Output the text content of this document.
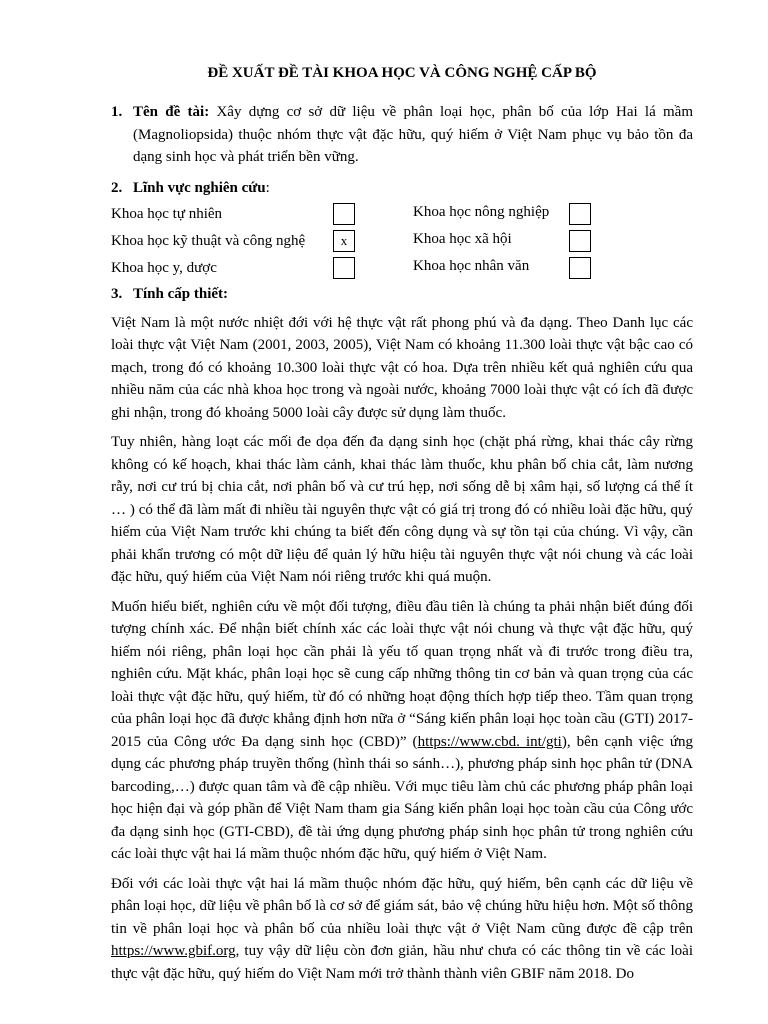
ĐỀ XUẤT ĐỀ TÀI KHOA HỌC VÀ CÔNG NGHỆ CẤP BỘ
1. Tên đề tài: Xây dựng cơ sở dữ liệu về phân loại học, phân bố của lớp Hai lá mầm (Magnoliopsida) thuộc nhóm thực vật đặc hữu, quý hiếm ở Việt Nam phục vụ bảo tồn đa dạng sinh học và phát triển bền vững.
2. Lĩnh vực nghiên cứu:
Khoa học tự nhiên
Khoa học kỹ thuật và công nghệ	x
Khoa học y, dược
Khoa học nông nghiệp
Khoa học xã hội
Khoa học nhân văn
3. Tính cấp thiết:

Việt Nam là một nước nhiệt đới với hệ thực vật rất phong phú và đa dạng. Theo Danh lục các loài thực vật Việt Nam (2001, 2003, 2005), Việt Nam có khoảng 11.300 loài thực vật bậc cao có mạch, trong đó có khoảng 10.300 loài thực vật có hoa. Dựa trên nhiều kết quả nghiên cứu qua nhiều năm của các nhà khoa học trong và ngoài nước, khoảng 7000 loài thực vật có ích đã được ghi nhận, trong đó khoảng 5000 loài cây được sử dụng làm thuốc.

Tuy nhiên, hàng loạt các mối đe dọa đến đa dạng sinh học (chặt phá rừng, khai thác cây rừng không có kế hoạch, khai thác làm cảnh, khai thác làm thuốc, khu phân bố chia cắt, làm nương rẫy, nơi cư trú bị chia cắt, nơi phân bố và cư trú hẹp, nơi sống dễ bị xâm hại, số lượng cá thể ít … ) có thể đã làm mất đi nhiều tài nguyên thực vật có giá trị trong đó có nhiều loài đặc hữu, quý hiếm của Việt Nam trước khi chúng ta biết đến công dụng và sự tồn tại của chúng. Vì vậy, cần phải khẩn trương có một dữ liệu để quản lý hữu hiệu tài nguyên thực vật nói chung và các loài đặc hữu, quý hiếm của Việt Nam nói riêng trước khi quá muộn.

Muốn hiểu biết, nghiên cứu về một đối tượng, điều đầu tiên là chúng ta phải nhận biết đúng đối tượng chính xác. Để nhận biết chính xác các loài thực vật nói chung và thực vật đặc hữu, quý hiếm nói riêng, phân loại học cần phải là yếu tố quan trọng nhất và đi trước trong điều tra, nghiên cứu. Mặt khác, phân loại học sẽ cung cấp những thông tin cơ bản và quan trọng của các loài thực vật đặc hữu, quý hiếm, từ đó có những hoạt động thích hợp tiếp theo. Tầm quan trọng của phân loại học đã được khẳng định hơn nữa ở “Sáng kiến phân loại học toàn cầu (GTI) 2017-2015 của Công ước Đa dạng sinh học (CBD)” (https://www.cbd. int/gti), bên cạnh việc ứng dụng các phương pháp truyền thống (hình thái so sánh…), phương pháp sinh học phân tử (DNA barcoding,…) được quan tâm và đề cập nhiều. Với mục tiêu làm chủ các phương pháp phân loại học hiện đại và góp phần để Việt Nam tham gia Sáng kiến phân loại học toàn cầu của Công ước đa dạng sinh học (GTI-CBD), đề tài ứng dụng phương pháp sinh học phân tử trong nghiên cứu các loài thực vật hai lá mầm thuộc nhóm đặc hữu, quý hiếm ở Việt Nam.

Đối với các loài thực vật hai lá mầm thuộc nhóm đặc hữu, quý hiếm, bên cạnh các dữ liệu về phân loại học, dữ liệu về phân bố là cơ sở để giám sát, bảo vệ chúng hữu hiệu hơn. Một số thông tin về phân loại học và phân bố của nhiều loài thực vật ở Việt Nam cũng được đề cập trên https://www.gbif.org, tuy vậy dữ liệu còn đơn giản, hầu như chưa có các thông tin về các loài thực vật đặc hữu, quý hiếm do Việt Nam mới trở thành thành viên GBIF năm 2018. Do
